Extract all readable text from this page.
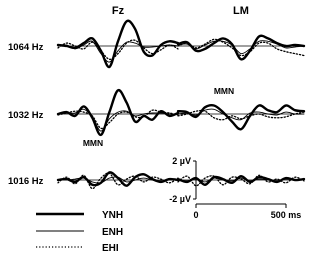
Fz	LM
1064 Hz
1032 Hz
1016 Hz
MMN
MMN
2 µV
-2 µV
0	500 ms
YNH
ENH
EHI
